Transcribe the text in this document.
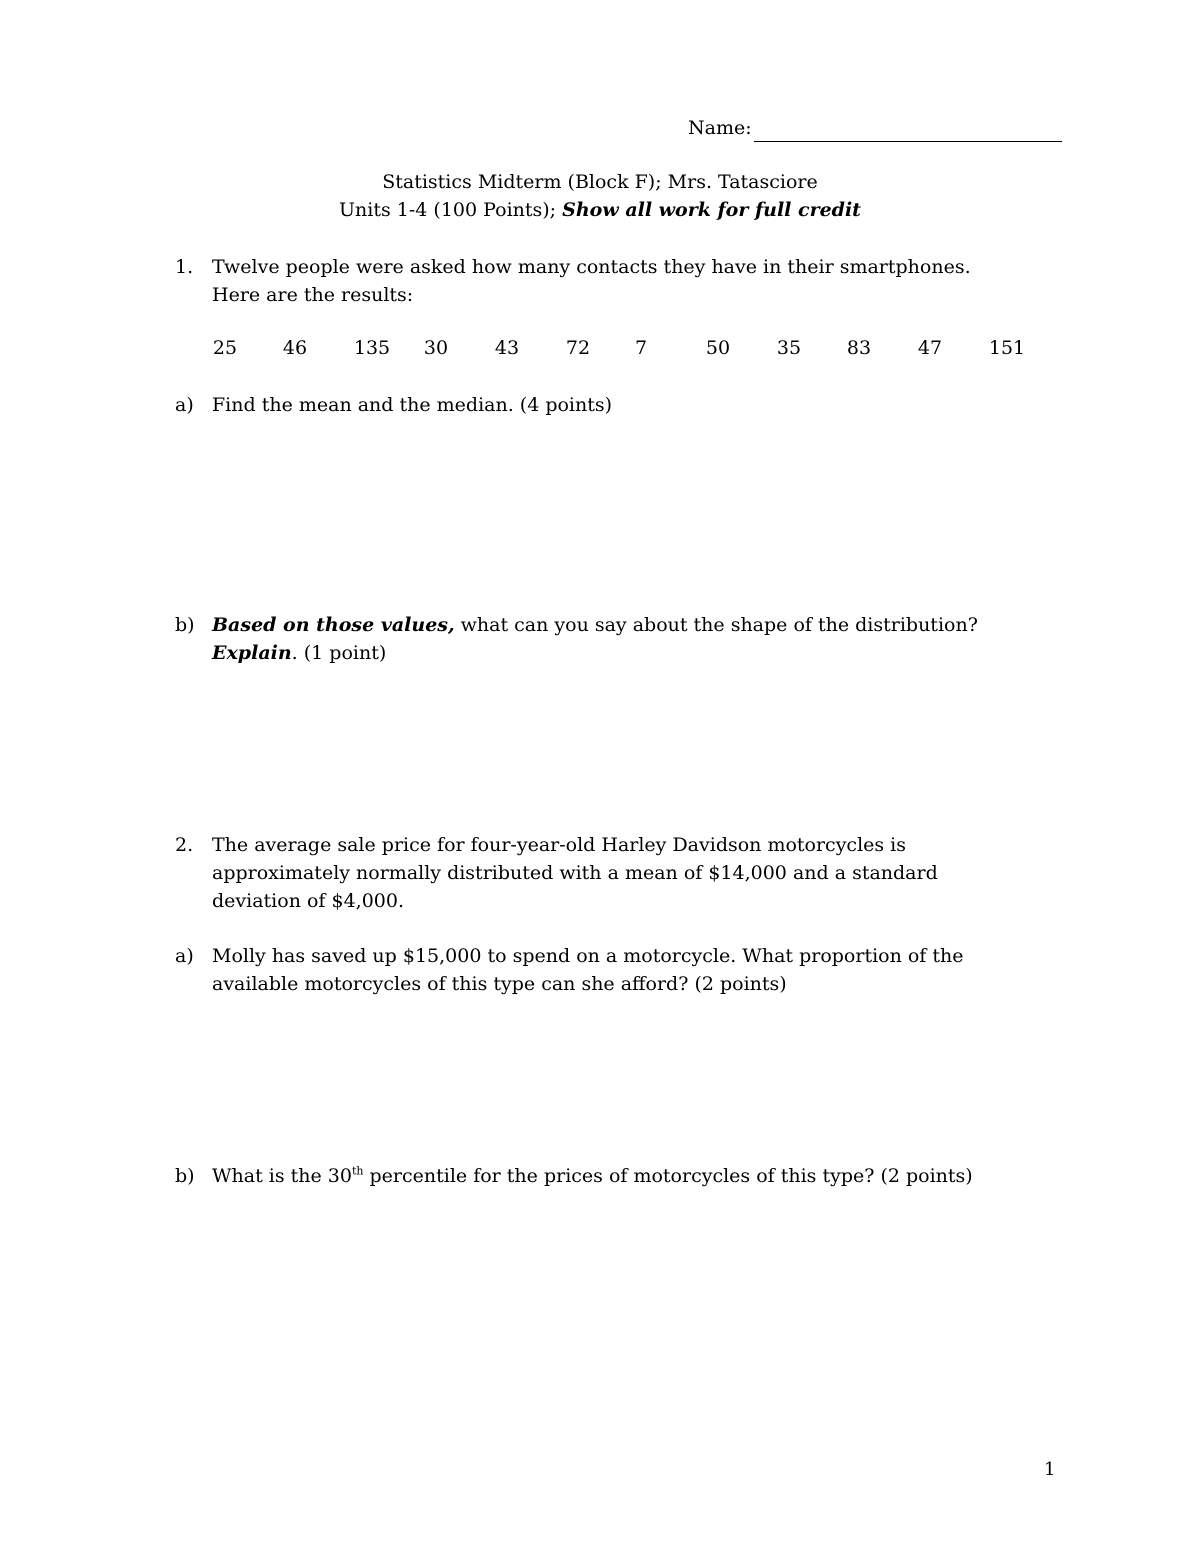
Name:
Statistics Midterm (Block F); Mrs. Tatasciore
Units 1-4 (100 Points); Show all work for full credit
1. Twelve people were asked how many contacts they have in their smartphones.
Here are the results:
25 46 135 30 43 72 7	50 35 83 47 151
a) Find the mean and the median. (4 points)
b) Based on those values, what can you say about the shape of the distribution?
Explain. (1 point)
2. The average sale price for four-year-old Harley Davidson motorcycles is
approximately normally distributed with a mean of $14,000 and a standard
deviation of $4,000.
a) Molly has saved up $15,000 to spend on a motorcycle. What proportion of the
available motorcycles of this type can she afford? (2 points)
b) What is the 30th percentile for the prices of motorcycles of this type? (2 points)
1
